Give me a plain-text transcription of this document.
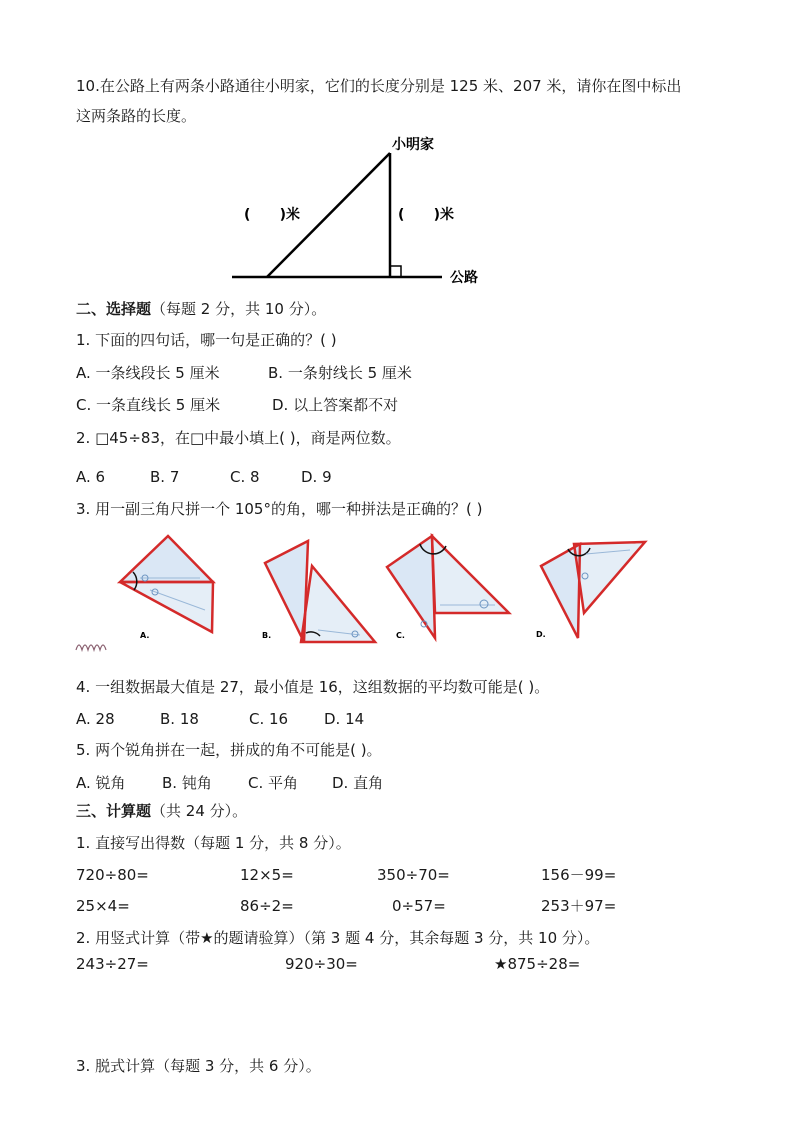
10.在公路上有两条小路通往小明家，它们的长度分别是 125 米、207 米，请你在图中标出
这两条路的长度。
小明家
(      )米	(      )米
公路
二、选择题（每题 2 分，共 10 分）。
1. 下面的四句话，哪一句是正确的？( )
A. 一条线段长 5 厘米	B. 一条射线长 5 厘米
C. 一条直线长 5 厘米	D. 以上答案都不对
2. □45÷83，在□中最小填上( )，商是两位数。
A. 6	B. 7	C. 8	D. 9
3. 用一副三角尺拼一个 105°的角，哪一种拼法是正确的？( )
A.	B.	C.	D.
4. 一组数据最大值是 27，最小值是 16，这组数据的平均数可能是( )。
A. 28	B. 18	C. 16 D. 14
5. 两个锐角拼在一起，拼成的角不可能是( )。
A. 锐角 B. 钝角 C. 平角 D. 直角
三、计算题（共 24 分）。
1. 直接写出得数（每题 1 分，共 8 分）。
720÷80=	12×5=	350÷70=	156－99=
25×4=	86÷2=	0÷57=	253＋97=
2. 用竖式计算（带★的题请验算）（第 3 题 4 分，其余每题 3 分，共 10 分）。
243÷27=	920÷30=	★875÷28=
3. 脱式计算（每题 3 分，共 6 分）。
